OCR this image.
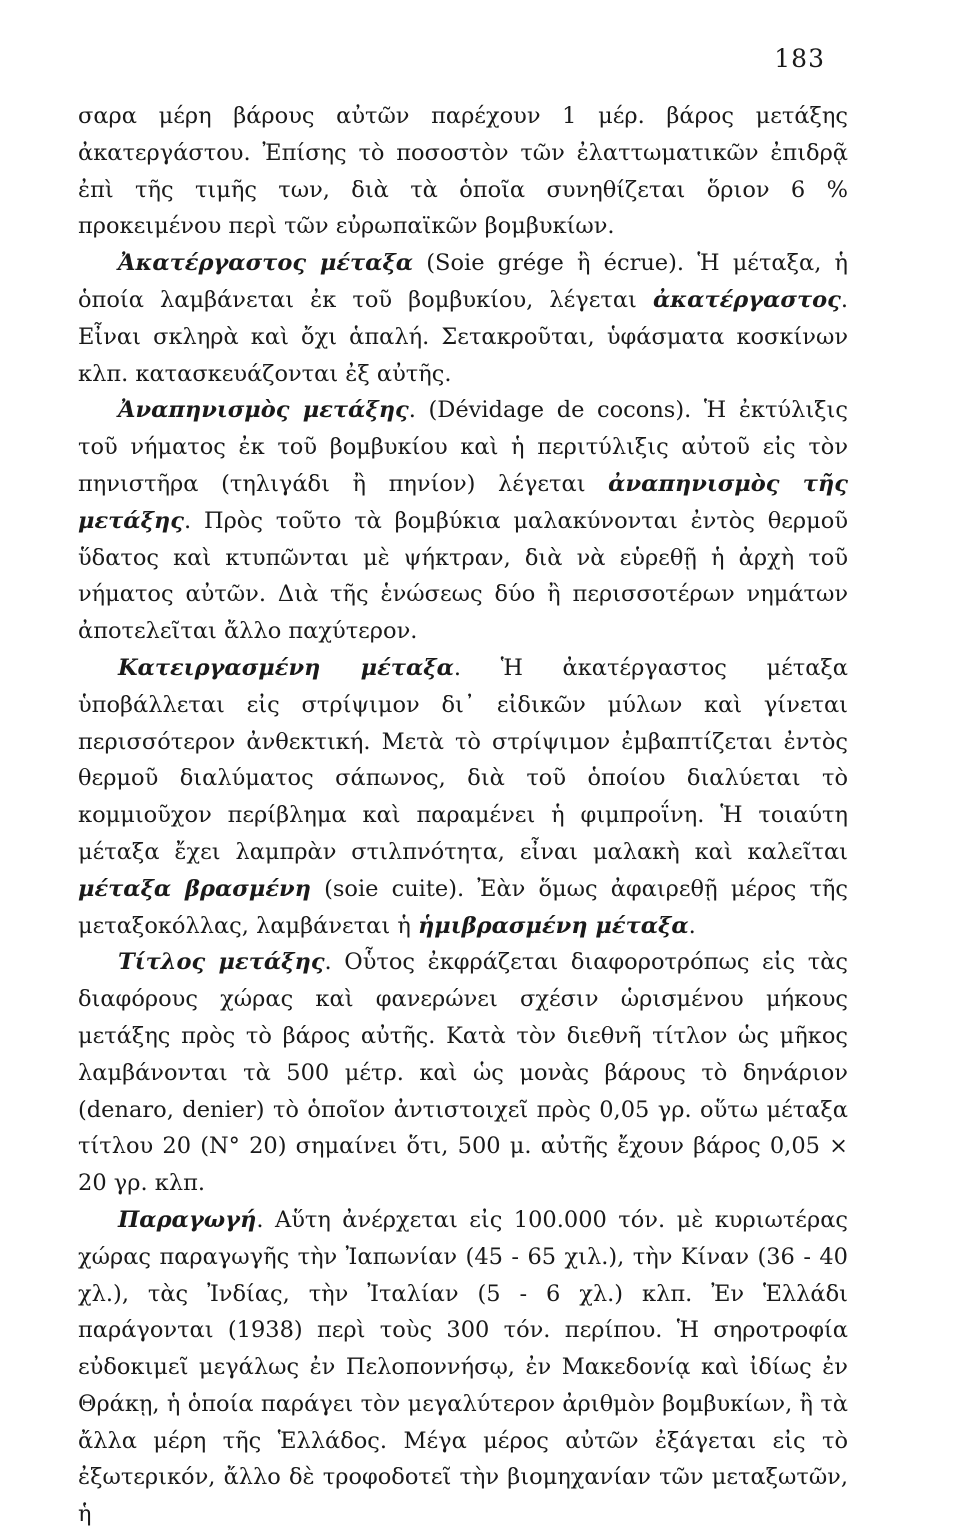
183

σαρα μέρη βάρους αὐτῶν παρέχουν 1 μέρ. βάρος μετάξης ἀκατεργάστου. Ἐπίσης τὸ ποσοστὸν τῶν ἐλαττωματικῶν ἐπιδρᾷ ἐπὶ τῆς τιμῆς των, διὰ τὰ ὁποῖα συνηθίζεται ὅριον 6 % προκειμένου περὶ τῶν εὐρωπαϊκῶν βομβυκίων.

Ἀκατέργαστος μέταξα (Soie grége ἢ écrue). Ἡ μέταξα, ἡ ὁποία λαμβάνεται ἐκ τοῦ βομβυκίου, λέγεται ἀκατέργαστος. Εἶναι σκληρὰ καὶ ὄχι ἁπαλή. Σετακροῦται, ὑφάσματα κοσκίνων κλπ. κατασκευάζονται ἐξ αὐτῆς.

Ἀναπηνισμὸς μετάξης. (Dévidage de cocons). Ἡ ἐκτύλιξις τοῦ νήματος ἐκ τοῦ βομβυκίου καὶ ἡ περιτύλιξις αὐτοῦ εἰς τὸν πηνιστῆρα (τηλιγάδι ἢ πηνίον) λέγεται ἀναπηνισμὸς τῆς μετάξης. Πρὸς τοῦτο τὰ βομβύκια μαλακύνονται ἐντὸς θερμοῦ ὕδατος καὶ κτυπῶνται μὲ ψήκτραν, διὰ νὰ εὑρεθῇ ἡ ἀρχὴ τοῦ νήματος αὐτῶν. Διὰ τῆς ἑνώσεως δύο ἢ περισσοτέρων νημάτων ἀποτελεῖται ἄλλο παχύτερον.

Κατειργασμένη μέταξα. Ἡ ἀκατέργαστος μέταξα ὑποβάλλεται εἰς στρίψιμον δι᾿ εἰδικῶν μύλων καὶ γίνεται περισσότερον ἀνθεκτική. Μετὰ τὸ στρίψιμον ἐμβαπτίζεται ἐντὸς θερμοῦ διαλύματος σάπωνος, διὰ τοῦ ὁποίου διαλύεται τὸ κομμιοῦχον περίβλημα καὶ παραμένει ἡ φιμπροΐνη. Ἡ τοιαύτη μέταξα ἔχει λαμπρὰν στιλπνότητα, εἶναι μαλακὴ καὶ καλεῖται μέταξα βρασμένη (soie cuite). Ἐὰν ὅμως ἀφαιρεθῇ μέρος τῆς μεταξοκόλλας, λαμβάνεται ἡ ἡμιβρασμένη μέταξα.

Τίτλος μετάξης. Οὗτος ἐκφράζεται διαφοροτρόπως εἰς τὰς διαφόρους χώρας καὶ φανερώνει σχέσιν ὡρισμένου μήκους μετάξης πρὸς τὸ βάρος αὐτῆς. Κατὰ τὸν διεθνῆ τίτλον ὡς μῆκος λαμβάνονται τὰ 500 μέτρ. καὶ ὡς μονὰς βάρους τὸ δηνάριον (denaro, denier) τὸ ὁποῖον ἀντιστοιχεῖ πρὸς 0,05 γρ. οὕτω μέταξα τίτλου 20 (N° 20) σημαίνει ὅτι, 500 μ. αὐτῆς ἔχουν βάρος 0,05 × 20 γρ. κλπ.

Παραγωγή. Αὕτη ἀνέρχεται εἰς 100.000 τόν. μὲ κυριωτέρας χώρας παραγωγῆς τὴν Ἰαπωνίαν (45 - 65 χιλ.), τὴν Κίναν (36 - 40 χλ.), τὰς Ἰνδίας, τὴν Ἰταλίαν (5 - 6 χλ.) κλπ. Ἐν Ἑλλάδι παράγονται (1938) περὶ τοὺς 300 τόν. περίπου. Ἡ σηροτροφία εὐδοκιμεῖ μεγάλως ἐν Πελοποννήσῳ, ἐν Μακεδονίᾳ καὶ ἰδίως ἐν Θράκῃ, ἡ ὁποία παράγει τὸν μεγαλύτερον ἀριθμὸν βομβυκίων, ἢ τὰ ἄλλα μέρη τῆς Ἑλλάδος. Μέγα μέρος αὐτῶν ἐξάγεται εἰς τὸ ἐξωτερικόν, ἄλλο δὲ τροφοδοτεῖ τὴν βιομηχανίαν τῶν μεταξωτῶν, ἡ
